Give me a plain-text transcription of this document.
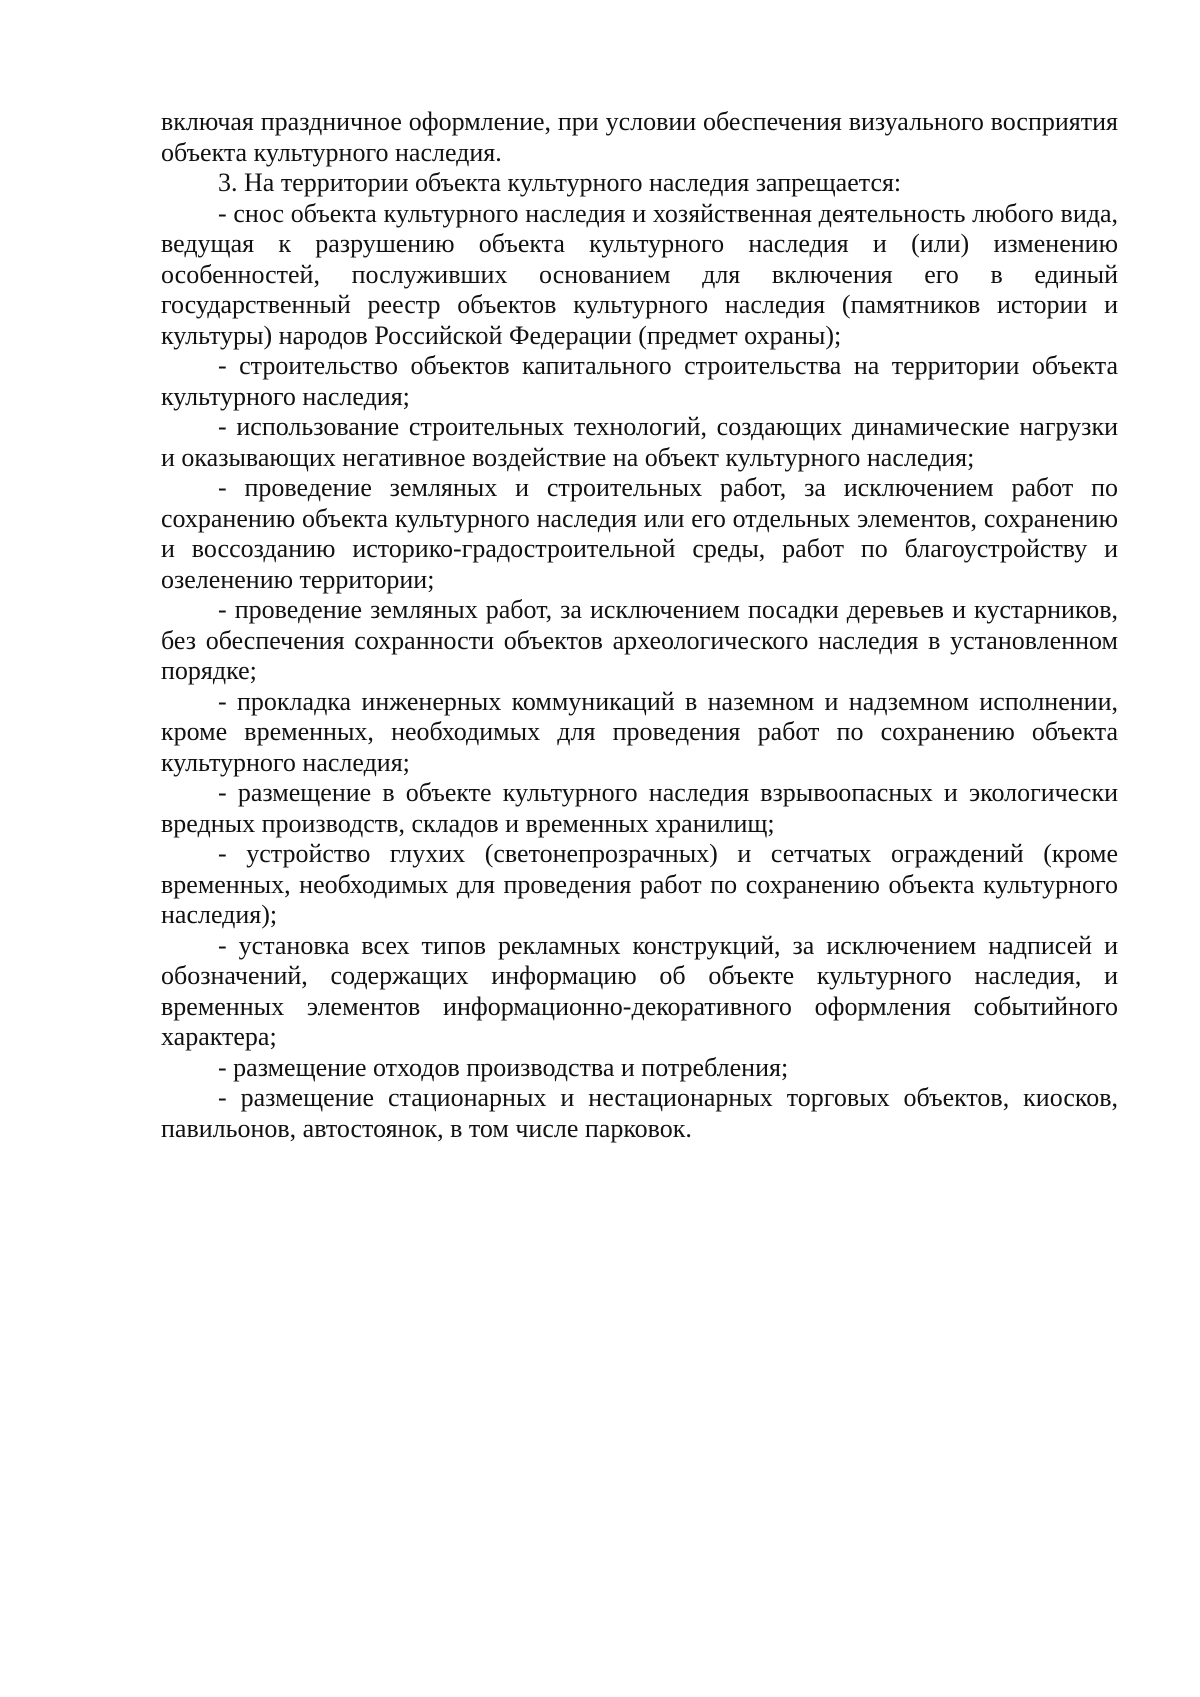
включая праздничное оформление, при условии обеспечения визуального восприятия объекта культурного наследия.

3. На территории объекта культурного наследия запрещается:

- снос объекта культурного наследия и хозяйственная деятельность любого вида, ведущая к разрушению объекта культурного наследия и (или) изменению особенностей, послуживших основанием для включения его в единый государственный реестр объектов культурного наследия (памятников истории и культуры) народов Российской Федерации (предмет охраны);

- строительство объектов капитального строительства на территории объекта культурного наследия;

- использование строительных технологий, создающих динамические нагрузки и оказывающих негативное воздействие на объект культурного наследия;

- проведение земляных и строительных работ, за исключением работ по сохранению объекта культурного наследия или его отдельных элементов, сохранению и воссозданию историко-градостроительной среды, работ по благоустройству и озеленению территории;

- проведение земляных работ, за исключением посадки деревьев и кустарников, без обеспечения сохранности объектов археологического наследия в установленном порядке;

- прокладка инженерных коммуникаций в наземном и надземном исполнении, кроме временных, необходимых для проведения работ по сохранению объекта культурного наследия;

- размещение в объекте культурного наследия взрывоопасных и экологически вредных производств, складов и временных хранилищ;

- устройство глухих (светонепрозрачных) и сетчатых ограждений (кроме временных, необходимых для проведения работ по сохранению объекта культурного наследия);

- установка всех типов рекламных конструкций, за исключением надписей и обозначений, содержащих информацию об объекте культурного наследия, и временных элементов информационно-декоративного оформления событийного характера;

- размещение отходов производства и потребления;

- размещение стационарных и нестационарных торговых объектов, киосков, павильонов, автостоянок, в том числе парковок.
